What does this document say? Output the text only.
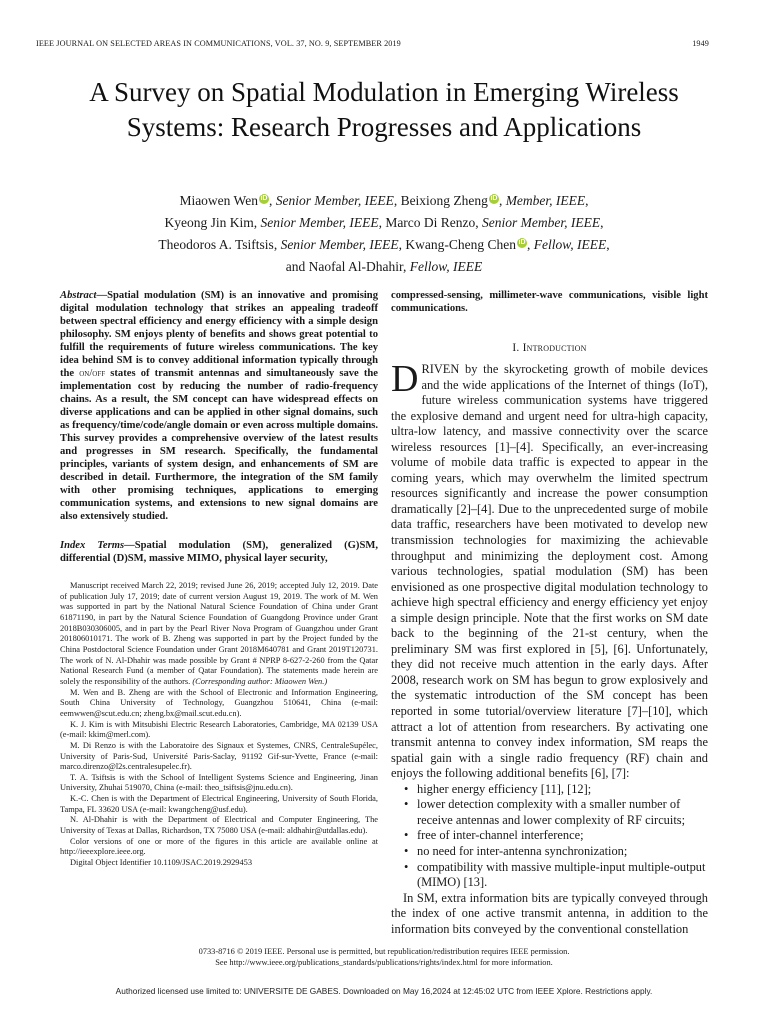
IEEE JOURNAL ON SELECTED AREAS IN COMMUNICATIONS, VOL. 37, NO. 9, SEPTEMBER 2019	1949
A Survey on Spatial Modulation in Emerging Wireless Systems: Research Progresses and Applications
Miaowen Wen iD , Senior Member, IEEE, Beixiong Zheng iD , Member, IEEE,
Kyeong Jin Kim, Senior Member, IEEE, Marco Di Renzo, Senior Member, IEEE,
Theodoros A. Tsiftsis, Senior Member, IEEE, Kwang-Cheng Chen iD , Fellow, IEEE,
and Naofal Al-Dhahir, Fellow, IEEE
Abstract—Spatial modulation (SM) is an innovative and promising digital modulation technology that strikes an appealing tradeoff between spectral efficiency and energy efficiency with a simple design philosophy. SM enjoys plenty of benefits and shows great potential to fulfill the requirements of future wireless communications. The key idea behind SM is to convey additional information typically through the on/off states of transmit antennas and simultaneously save the implementation cost by reducing the number of radio-frequency chains. As a result, the SM concept can have widespread effects on diverse applications and can be applied in other signal domains, such as frequency/time/code/angle domain or even across multiple domains. This survey provides a comprehensive overview of the latest results and progresses in SM research. Specifically, the fundamental principles, variants of system design, and enhancements of SM are described in detail. Furthermore, the integration of the SM family with other promising techniques, applications to emerging communication systems, and extensions to new signal domains are also extensively studied.
Index Terms—Spatial modulation (SM), generalized (G)SM, differential (D)SM, massive MIMO, physical layer security,

Manuscript received March 22, 2019; revised June 26, 2019; accepted July 12, 2019. Date of publication July 17, 2019; date of current version August 19, 2019. The work of M. Wen was supported in part by the National Natural Science Foundation of China under Grant 61871190, in part by the Natural Science Foundation of Guangdong Province under Grant 2018B030306005, and in part by the Pearl River Nova Program of Guangzhou under Grant 201806010171. The work of B. Zheng was supported in part by the Project funded by the China Postdoctoral Science Foundation under Grant 2018M640781 and Grant 2019T120731. The work of N. Al-Dhahir was made possible by Grant # NPRP 8-627-2-260 from the Qatar National Research Fund (a member of Qatar Foundation). The statements made herein are solely the responsibility of the authors. (Corresponding author: Miaowen Wen.)

M. Wen and B. Zheng are with the School of Electronic and Information Engineering, South China University of Technology, Guangzhou 510641, China (e-mail: eemwwen@scut.edu.cn; zheng.bx@mail.scut.edu.cn).

K. J. Kim is with Mitsubishi Electric Research Laboratories, Cambridge, MA 02139 USA (e-mail: kkim@merl.com).

M. Di Renzo is with the Laboratoire des Signaux et Systemes, CNRS, CentraleSupélec, University of Paris-Sud, Université Paris-Saclay, 91192 Gif-sur-Yvette, France (e-mail: marco.direnzo@l2s.centralesupelec.fr).

T. A. Tsiftsis is with the School of Intelligent Systems Science and Engineering, Jinan University, Zhuhai 519070, China (e-mail: theo_tsiftsis@jnu.edu.cn).

K.-C. Chen is with the Department of Electrical Engineering, University of South Florida, Tampa, FL 33620 USA (e-mail: kwangcheng@usf.edu).

N. Al-Dhahir is with the Department of Electrical and Computer Engineering, The University of Texas at Dallas, Richardson, TX 75080 USA (e-mail: aldhahir@utdallas.edu).

Color versions of one or more of the figures in this article are available online at http://ieeexplore.ieee.org.

Digital Object Identifier 10.1109/JSAC.2019.2929453

compressed-sensing, millimeter-wave communications, visible light communications.
I. Introduction

DRIVEN by the skyrocketing growth of mobile devices and the wide applications of the Internet of things (IoT), future wireless communication systems have triggered the explosive demand and urgent need for ultra-high capacity, ultra-low latency, and massive connectivity over the scarce wireless resources [1]–[4]. Specifically, an ever-increasing volume of mobile data traffic is expected to appear in the coming years, which may overwhelm the limited spectrum resources significantly and increase the power consumption dramatically [2]–[4]. Due to the unprecedented surge of mobile data traffic, researchers have been motivated to develop new transmission technologies for maximizing the achievable throughput and minimizing the deployment cost. Among various technologies, spatial modulation (SM) has been envisioned as one prospective digital modulation technology to achieve high spectral efficiency and energy efficiency yet enjoy a simple design principle. Note that the first works on SM date back to the beginning of the 21-st century, when the preliminary SM was first explored in [5], [6]. Unfortunately, they did not receive much attention in the early days. After 2008, research work on SM has begun to grow explosively and the systematic introduction of the SM concept has been reported in some tutorial/overview literature [7]–[10], which attract a lot of attention from researchers. By activating one transmit antenna to convey index information, SM reaps the spatial gain with a single radio frequency (RF) chain and enjoys the following additional benefits [6], [7]:

• higher energy efficiency [11], [12];
• lower detection complexity with a smaller number of receive antennas and lower complexity of RF circuits;
• free of inter-channel interference;
• no need for inter-antenna synchronization;
• compatibility with massive multiple-input multiple-output (MIMO) [13].

In SM, extra information bits are typically conveyed through the index of one active transmit antenna, in addition to the information bits conveyed by the conventional constellation

0733-8716 © 2019 IEEE. Personal use is permitted, but republication/redistribution requires IEEE permission.
See http://www.ieee.org/publications_standards/publications/rights/index.html for more information.
Authorized licensed use limited to: UNIVERSITE DE GABES. Downloaded on May 16,2024 at 12:45:02 UTC from IEEE Xplore. Restrictions apply.
